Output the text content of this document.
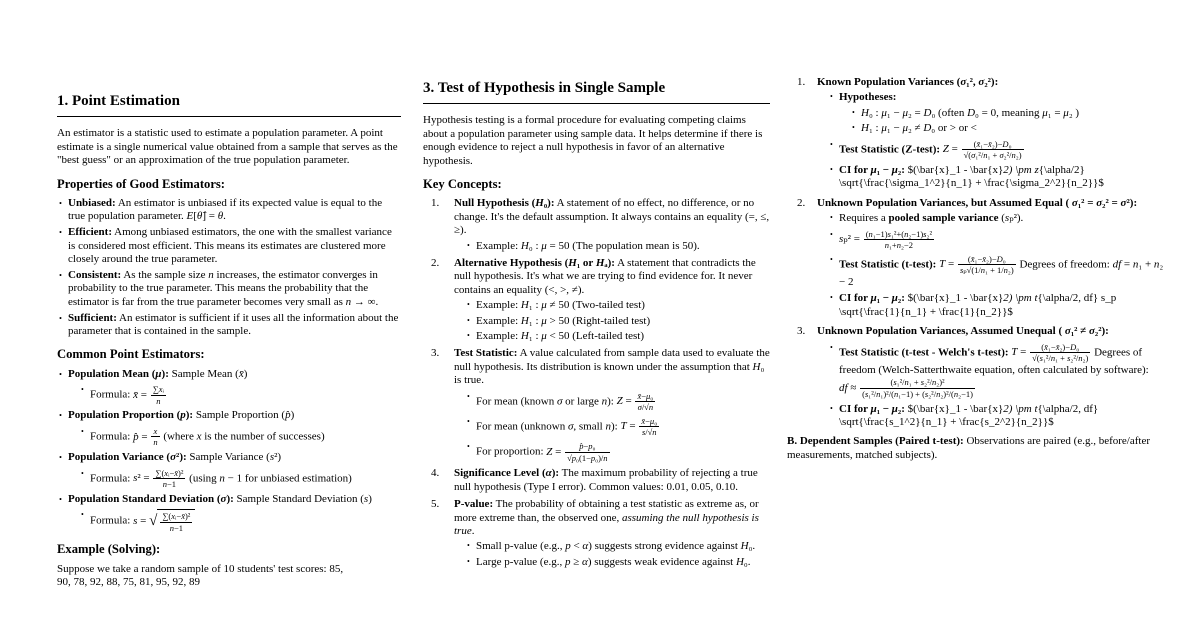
1. Point Estimation

An estimator is a statistic used to estimate a population parameter. A point estimate is a single numerical value obtained from a sample that serves as the "best guess" or an approximation of the true population parameter.

Properties of Good Estimators:
• Unbiased: An estimator is unbiased if its expected value is equal to the true population parameter. E[θ̂] = θ.
• Efficient: Among unbiased estimators, the one with the smallest variance is considered most efficient. This means its estimates are clustered more closely around the true parameter.
• Consistent: As the sample size n increases, the estimator converges in probability to the true parameter. This means the probability that the estimator is far from the true parameter becomes very small as n → ∞.
• Sufficient: An estimator is sufficient if it uses all the information about the parameter that is contained in the sample.
Common Point Estimators:
• Population Mean (μ): Sample Mean (x̄)
• Formula: x̄ = $\frac{\text{∑xᵢ}}{n}$
• Population Proportion (p): Sample Proportion (p̂)
• Formula: p̂ = $\frac{x}{n}$ (where x is the number of successes)
• Population Variance (σ²): Sample Variance (s²)
• Formula: $s^2 = \frac{\text{∑(xᵢ−x̄)²}}{n-1} (using$ n − 1 for unbiased estimation)
• Population Standard Deviation (σ): Sample Standard Deviation (s)
• Formula: s = √ $\frac{\text{∑(xᵢ−x̄)²}}{n-1}$
Example (Solving):

Suppose we take a random sample of 10 students' test scores: 85,
90, 78, 92, 88, 75, 81, 95, 92, 89

3. Test of Hypothesis in Single Sample

Hypothesis testing is a formal procedure for evaluating competing claims about a population parameter using sample data. It helps determine if there is enough evidence to reject a null hypothesis in favor of an alternative hypothesis.

Key Concepts:
1. Null Hypothesis (H₀): A statement of no effect, no difference, or no change. It's the default assumption. It always contains an equality (=, ≤, ≥).
• Example: H₀ : μ = 50 (The population mean is 50).
2. Alternative Hypothesis (H₁ or Hₐ): A statement that contradicts the null hypothesis. It's what we are trying to find evidence for. It never contains an equality (<, >, ≠).
• Example: H₁ : μ ≠ 50 (Two-tailed test)
• Example: H₁ : μ > 50 (Right-tailed test)
• Example: H₁ : μ < 50 (Left-tailed test)
3. Test Statistic: A value calculated from sample data used to evaluate the null hypothesis. Its distribution is known under the assumption that H₀ is true.
• For mean (known σ or large n): $Z = \frac{\text{x̄−μ₀}}{\sigma/√n}$
• For mean (unknown σ, small n): $T = \frac{\text{x̄−μ₀}}{s/√n}$
• For proportion: $Z = \frac{\text{p̂−p₀}}{\text{√p₀(1−p₀)/n}}$
4. Significance Level (α): The maximum probability of rejecting a true null hypothesis (Type I error). Common values: 0.01, 0.05, 0.10.
5. P-value: The probability of obtaining a test statistic as extreme as, or more extreme than, the observed one, assuming the null hypothesis is true.
• Small p-value (e.g., p < α) suggests strong evidence against H₀.
• Large p-value (e.g., p ≥ α) suggests weak evidence against H₀.
1. Known Population Variances (σ₁², σ₂²):
• Hypotheses:
• H₀ : μ₁ − μ₂ = D₀ (often D₀ = 0, meaning μ₁ = μ₂ )
• H₁ : μ₁ − μ₂ ≠ D₀ or > or <
• Test Statistic (Z-test): $Z = \frac{\text{(x̄₁−x̄₂)−D₀}}{\text{√(σ₁²/n₁ + σ₂²/n₂)}}$
• CI for μ₁ − μ₂: $(\bar{x}_1 - \bar{x}2) \pm z{\alpha/2} \sqrt{\frac{\sigma_1^2}{n_1} + \frac{\sigma_2^2}{n_2}}$
2. Unknown Population Variances, but Assumed Equal ( σ₁² = σ₂² = σ²):
• Requires a pooled sample variance (sₚ²).
• $s_p^2 = \frac{\text{(n₁−1)s₁²+(n₂−1)s₂²}}{\text{n₁+n₂−2}}$
• Test Statistic (t-test): $T = \frac{\text{(x̄₁−x̄₂)−D₀}}{\text{sₚ√(1/n₁ + 1/n₂)}}$ Degrees of freedom: df = n₁ + n₂ − 2
• CI for μ₁ − μ₂: $(\bar{x}_1 - \bar{x}2) \pm t{\alpha/2, df} s_p \sqrt{\frac{1}{n_1} + \frac{1}{n_2}}$
3. Unknown Population Variances, Assumed Unequal ( σ₁² ≠ σ₂²):
• Test Statistic (t-test - Welch's t-test): $T = \frac{\text{(x̄₁−x̄₂)−D₀}}{\text{√(s₁²/n₁ + s₂²/n₂)}}$ Degrees of freedom (Welch-Satterthwaite equation, often calculated by software): df ≈ $\frac{\text{(s₁²/n₁ + s₂²/n₂)²}}{\text{(s₁²/n₁)²/(n₁−1) + (s₂²/n₂)²/(n₂−1)}}$
• CI for μ₁ − μ₂: $(\bar{x}_1 - \bar{x}2) \pm t{\alpha/2, df} \sqrt{\frac{s_1^2}{n_1} + \frac{s_2^2}{n_2}}$

B. Dependent Samples (Paired t-test): Observations are paired (e.g., before/after measurements, matched subjects).
